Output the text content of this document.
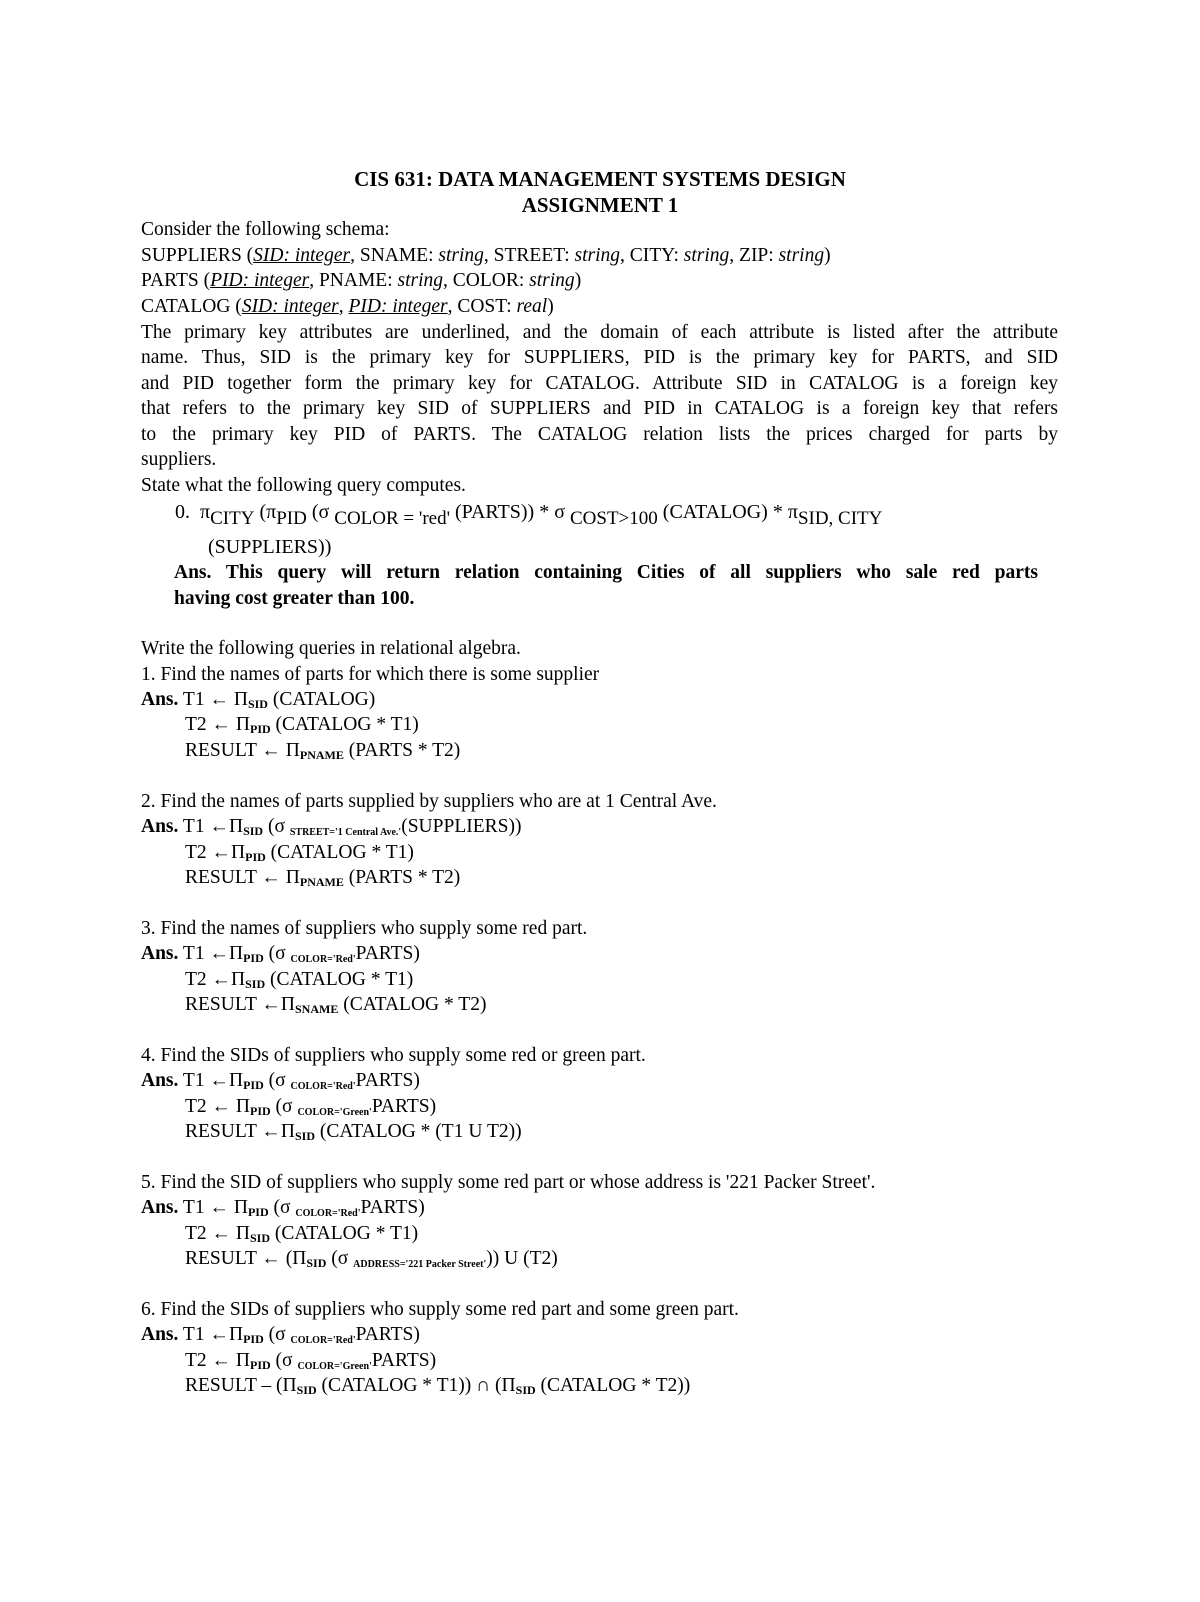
CIS 631: DATA MANAGEMENT SYSTEMS DESIGN
ASSIGNMENT 1
Consider the following schema:
SUPPLIERS (SID: integer, SNAME: string, STREET: string, CITY: string, ZIP: string)
PARTS (PID: integer, PNAME: string, COLOR: string)
CATALOG (SID: integer, PID: integer, COST: real)
The primary key attributes are underlined, and the domain of each attribute is listed after the attribute
name. Thus, SID is the primary key for SUPPLIERS, PID is the primary key for PARTS, and SID
and PID together form the primary key for CATALOG. Attribute SID in CATALOG is a foreign key
that refers to the primary key SID of SUPPLIERS and PID in CATALOG is a foreign key that refers
to the primary key PID of PARTS. The CATALOG relation lists the prices charged for parts by
suppliers.
State what the following query computes.
0. πCITY (πPID (σ COLOR = 'red' (PARTS)) * σ COST>100 (CATALOG) * πSID, CITY
(SUPPLIERS))
Ans. This query will return relation containing Cities of all suppliers who sale red parts
having cost greater than 100.
Write the following queries in relational algebra.
1. Find the names of parts for which there is some supplier
Ans. T1 ← $\Pi_{SID}$ (CATALOG)
T2 ← $\Pi_{PID}$ (CATALOG * T1)
RESULT ← $\Pi_{PNAME}$ (PARTS * T2)
2. Find the names of parts supplied by suppliers who are at 1 Central Ave.
Ans. T1 $\leftarrow\Pi_{SID}$ (σ STREET='1 Central Ave.'(SUPPLIERS))
T2 $\leftarrow\Pi_{PID}$ (CATALOG * T1)
RESULT ← $\Pi_{PNAME}$ (PARTS * T2)
3. Find the names of suppliers who supply some red part.
Ans. T1 $\leftarrow\Pi_{PID}$ (σ COLOR='Red'PARTS)
T2 $\leftarrow\Pi_{SID}$ (CATALOG * T1)
RESULT $\leftarrow\Pi_{SNAME}$ (CATALOG * T2)
4. Find the SIDs of suppliers who supply some red or green part.
Ans. T1 $\leftarrow\Pi_{PID}$ (σ COLOR='Red'PARTS)
T2 ← $\Pi_{PID}$ (σ COLOR='Green'PARTS)
RESULT $\leftarrow\Pi_{SID}$ (CATALOG * (T1 U T2))
5. Find the SID of suppliers who supply some red part or whose address is '221 Packer Street'.
Ans. T1 ← $\Pi_{PID}$ (σ COLOR='Red'PARTS)
T2 ← $\Pi_{SID}$ (CATALOG * T1)
RESULT ← ($\Pi_{SID}$ (σ ADDRESS='221 Packer Street')) U (T2)
6. Find the SIDs of suppliers who supply some red part and some green part.
Ans. T1 $\leftarrow\Pi_{PID}$ (σ COLOR='Red'PARTS)
T2 ← $\Pi_{PID}$ (σ COLOR='Green'PARTS)
RESULT – ($\Pi_{SID}$ (CATALOG * T1)) ∩ ($\Pi_{SID}$ (CATALOG * T2))
